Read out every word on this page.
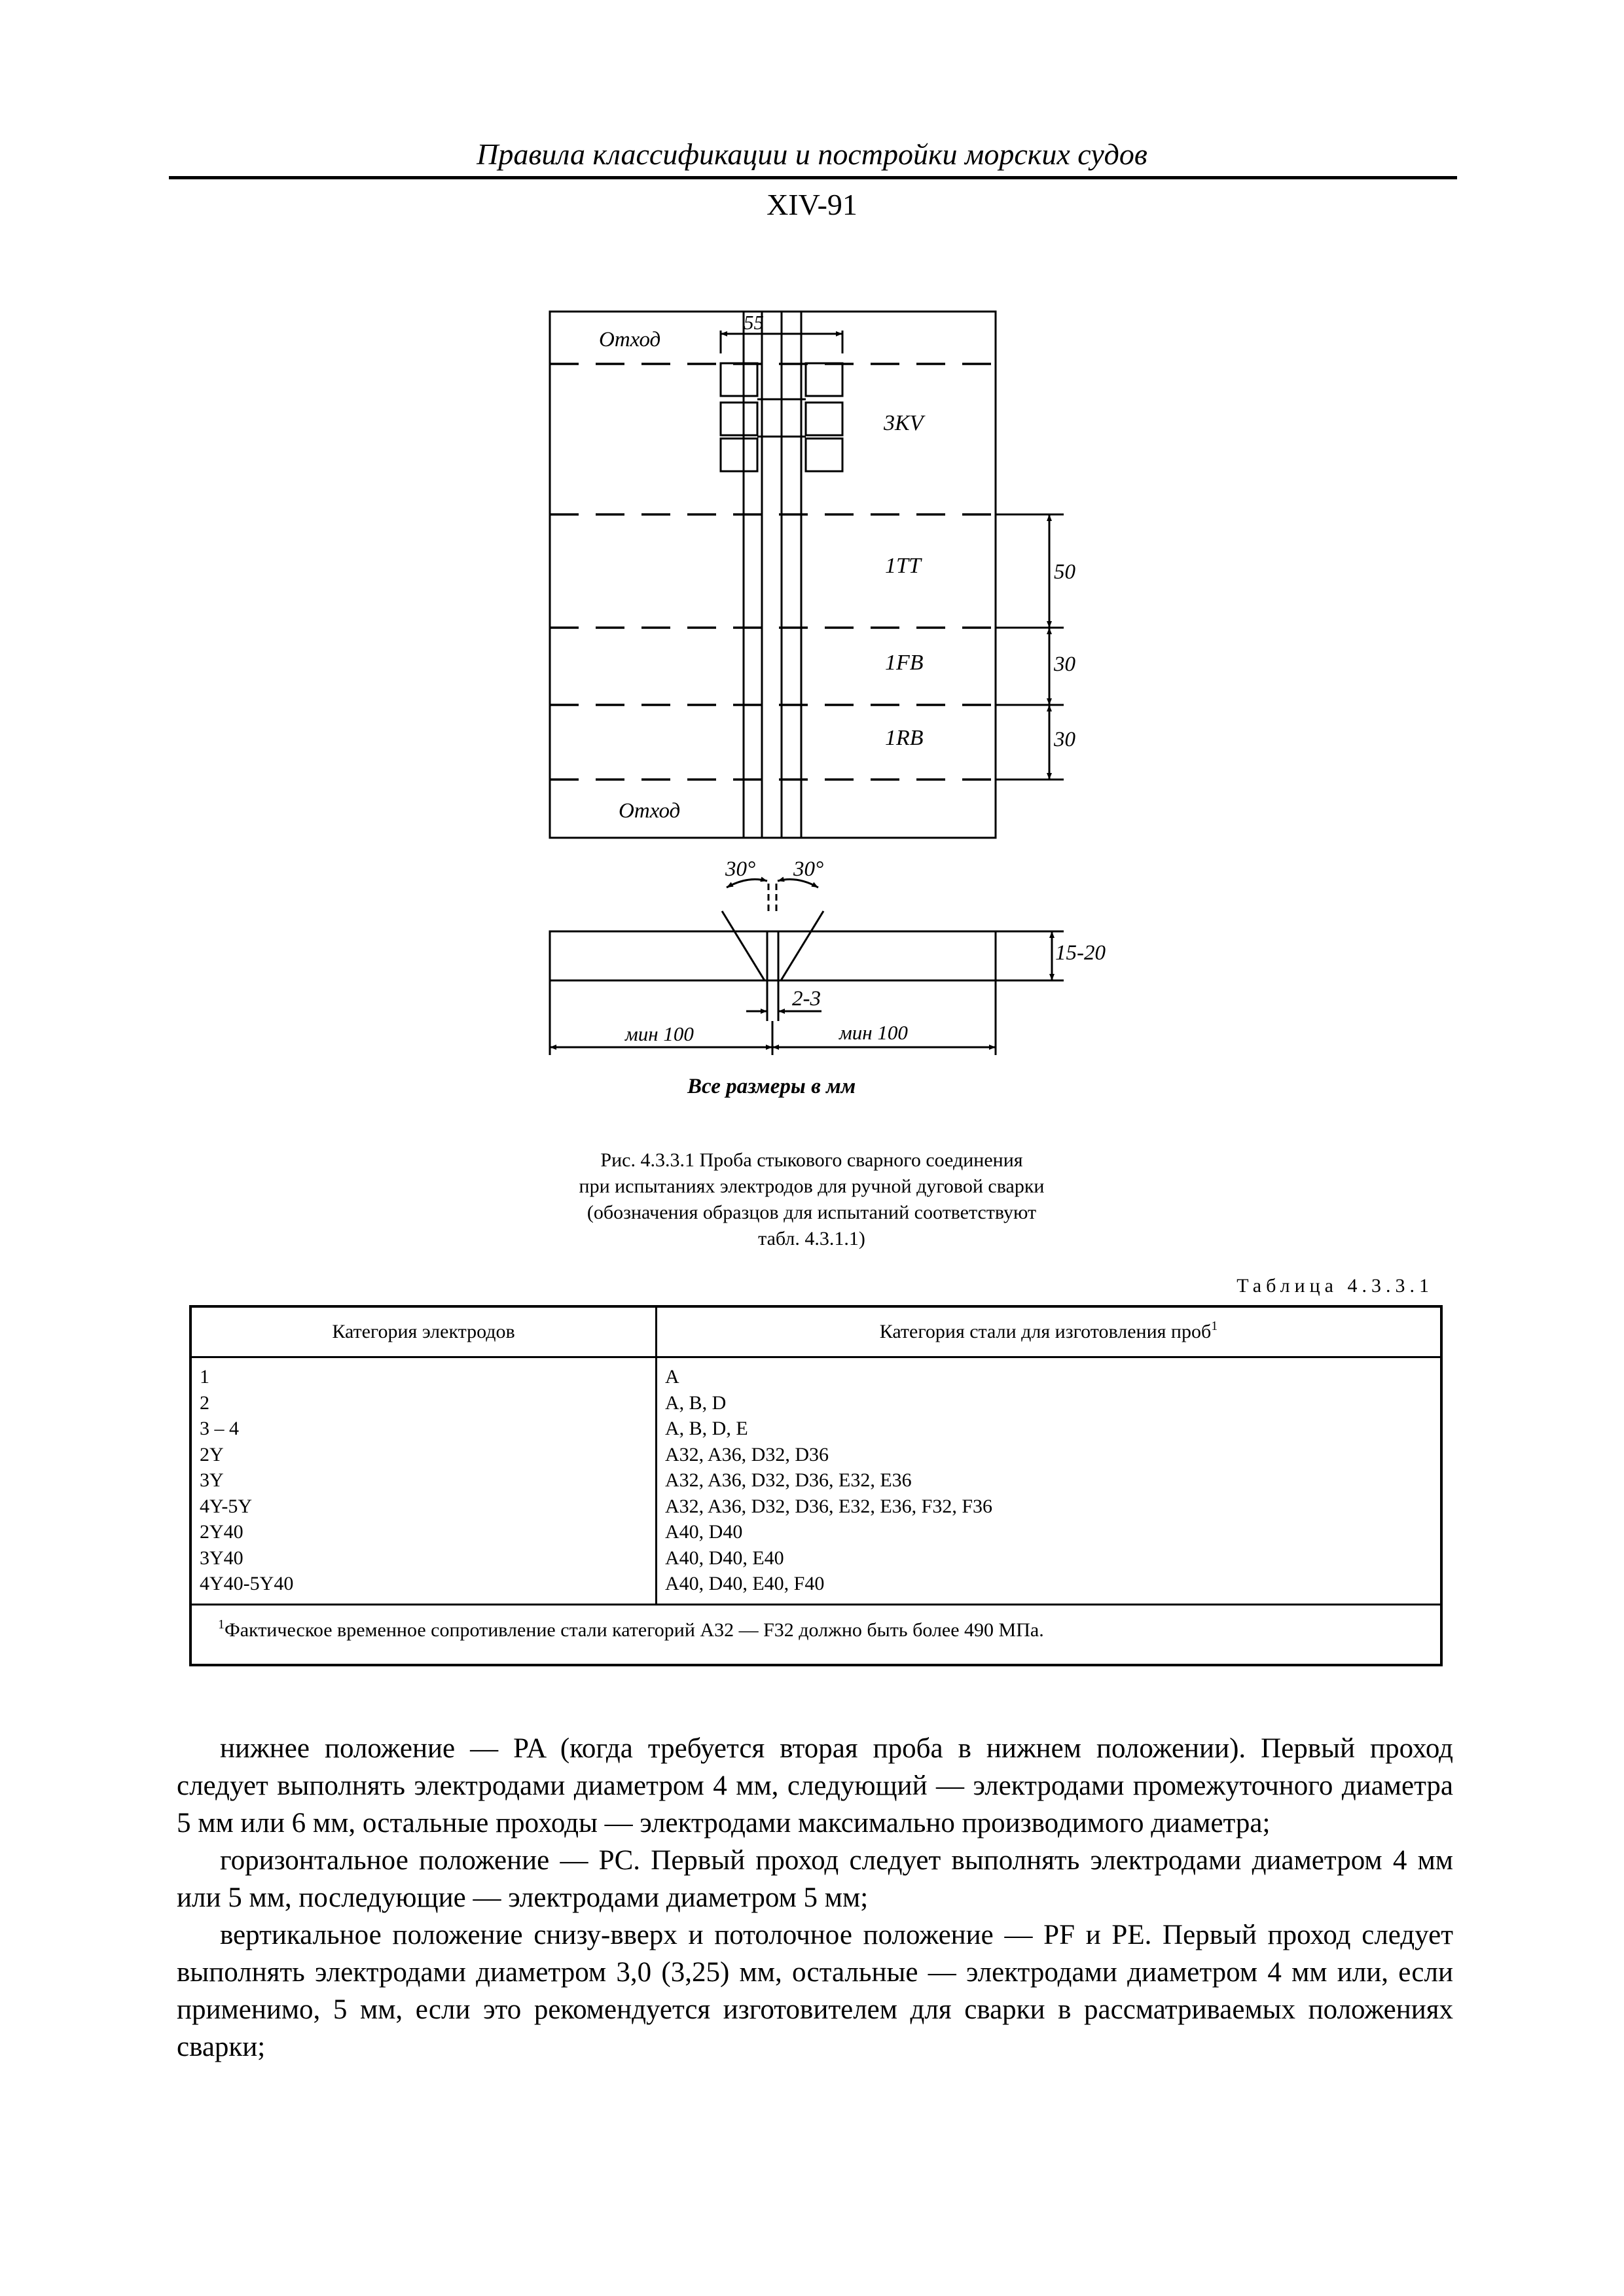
Правила классификации и постройки морских судов
XIV-91
Отход
55
3KV
1TT
1FB
1RB
Отход
50
30
30
30° 30°
15-20
2-3
мин 100	мин 100
Все размеры в мм
Рис. 4.3.3.1 Проба стыкового сварного соединения
при испытаниях электродов для ручной дуговой сварки
(обозначения образцов для испытаний соответствуют
табл. 4.3.1.1)
Таблица 4.3.3.1
Категория электродов	Категория стали для изготовления проб$^1$
1
2
3 – 4
2Y
3Y
4Y-5Y
2Y40
3Y40
4Y40-5Y40
A
A, B, D
A, B, D, E
A32, A36, D32, D36
A32, A36, D32, D36, E32, E36
A32, A36, D32, D36, E32, E36, F32, F36
A40, D40
A40, D40, E40
A40, D40, E40, F40
$^1$Фактическое временное сопротивление стали категорий A32 — F32 должно быть более 490 МПа.

нижнее положение — PA (когда требуется вторая проба в нижнем положении). Первый проход следует выполнять электродами диаметром 4 мм, следующий — электродами промежуточного диаметра 5 мм или 6 мм, остальные проходы — электродами максимально производимого диаметра;

горизонтальное положение — PC. Первый проход следует выполнять электродами диаметром 4 мм или 5 мм, последующие — электродами диаметром 5 мм;

вертикальное положение снизу-вверх и потолочное положение — PF и PE. Первый проход следует выполнять электродами диаметром 3,0 (3,25) мм, остальные — электродами диаметром 4 мм или, если применимо, 5 мм, если это рекомендуется изготовителем для сварки в рассматриваемых положениях сварки;
